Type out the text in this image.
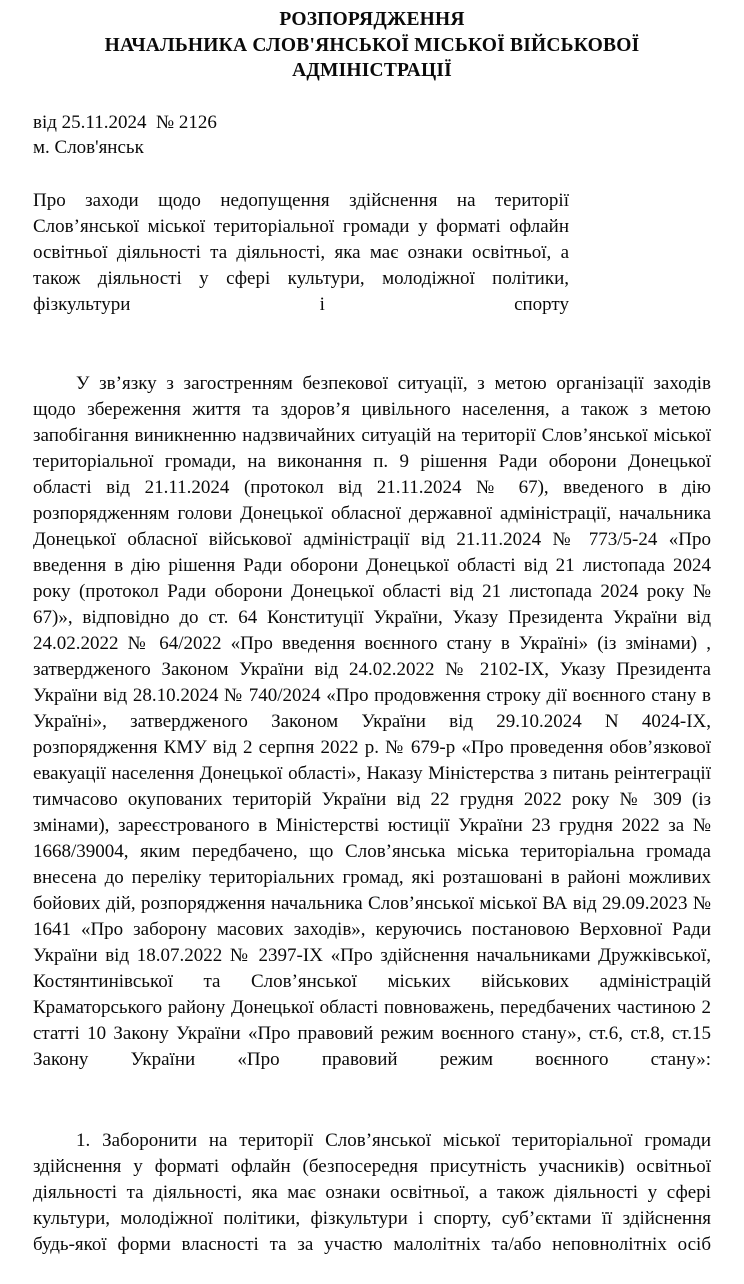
РОЗПОРЯДЖЕННЯ
НАЧАЛЬНИКА СЛОВ'ЯНСЬКОЇ МІСЬКОЇ ВІЙСЬКОВОЇ
АДМІНІСТРАЦІЇ
від 25.11.2024  № 2126
м. Слов'янськ

Про заходи щодо недопущення здійснення на території Слов’янської міської територіальної громади у форматі офлайн освітньої діяльності та діяльності, яка має ознаки освітньої, а також діяльності у сфері культури, молодіжної політики, фізкультури і спорту

У зв’язку з загостренням безпекової ситуації, з метою організації заходів щодо збереження життя та здоров’я цивільного населення, а також з метою запобігання виникненню надзвичайних ситуацій на території Слов’янської міської територіальної громади, на виконання п. 9 рішення Ради оборони Донецької області від 21.11.2024 (протокол від 21.11.2024 № 67), введеного в дію розпорядженням голови Донецької обласної державної адміністрації, начальника Донецької обласної військової адміністрації від 21.11.2024 № 773/5-24 «Про введення в дію рішення Ради оборони Донецької області від 21 листопада 2024 року (протокол Ради оборони Донецької області від 21 листопада 2024 року № 67)», відповідно до ст. 64 Конституції України, Указу Президента України від 24.02.2022 № 64/2022 «Про введення воєнного стану в Україні» (із змінами) , затвердженого Законом України від 24.02.2022 № 2102-IX, Указу Президента України від 28.10.2024 № 740/2024 «Про продовження строку дії воєнного стану в Україні», затвердженого Законом України від 29.10.2024 N 4024-IX, розпорядження КМУ від 2 серпня 2022 р. № 679-р «Про проведення обов’язкової евакуації населення Донецької області», Наказу Міністерства з питань реінтеграції тимчасово окупованих територій України від 22 грудня 2022 року № 309 (із змінами), зареєстрованого в Міністерстві юстиції України 23 грудня 2022 за № 1668/39004, яким передбачено, що Слов’янська міська територіальна громада внесена до переліку територіальних громад, які розташовані в районі можливих бойових дій, розпорядження начальника Слов’янської міської ВА від 29.09.2023 № 1641 «Про заборону масових заходів», керуючись постановою Верховної Ради України від 18.07.2022 № 2397-IX «Про здійснення начальниками Дружківської, Костянтинівської та Слов’янської міських військових адміністрацій Краматорського району Донецької області повноважень, передбачених частиною 2 статті 10 Закону України «Про правовий режим воєнного стану», ст.6, ст.8, ст.15 Закону України «Про правовий режим воєнного стану»:

1. Заборонити на території Слов’янської міської територіальної громади здійснення у форматі офлайн (безпосередня присутність учасників) освітньої діяльності та діяльності, яка має ознаки освітньої, а також діяльності у сфері культури, молодіжної політики, фізкультури і спорту, суб’єктами її здійснення будь-якої форми власності та за участю малолітніх та/або неповнолітніх осіб
